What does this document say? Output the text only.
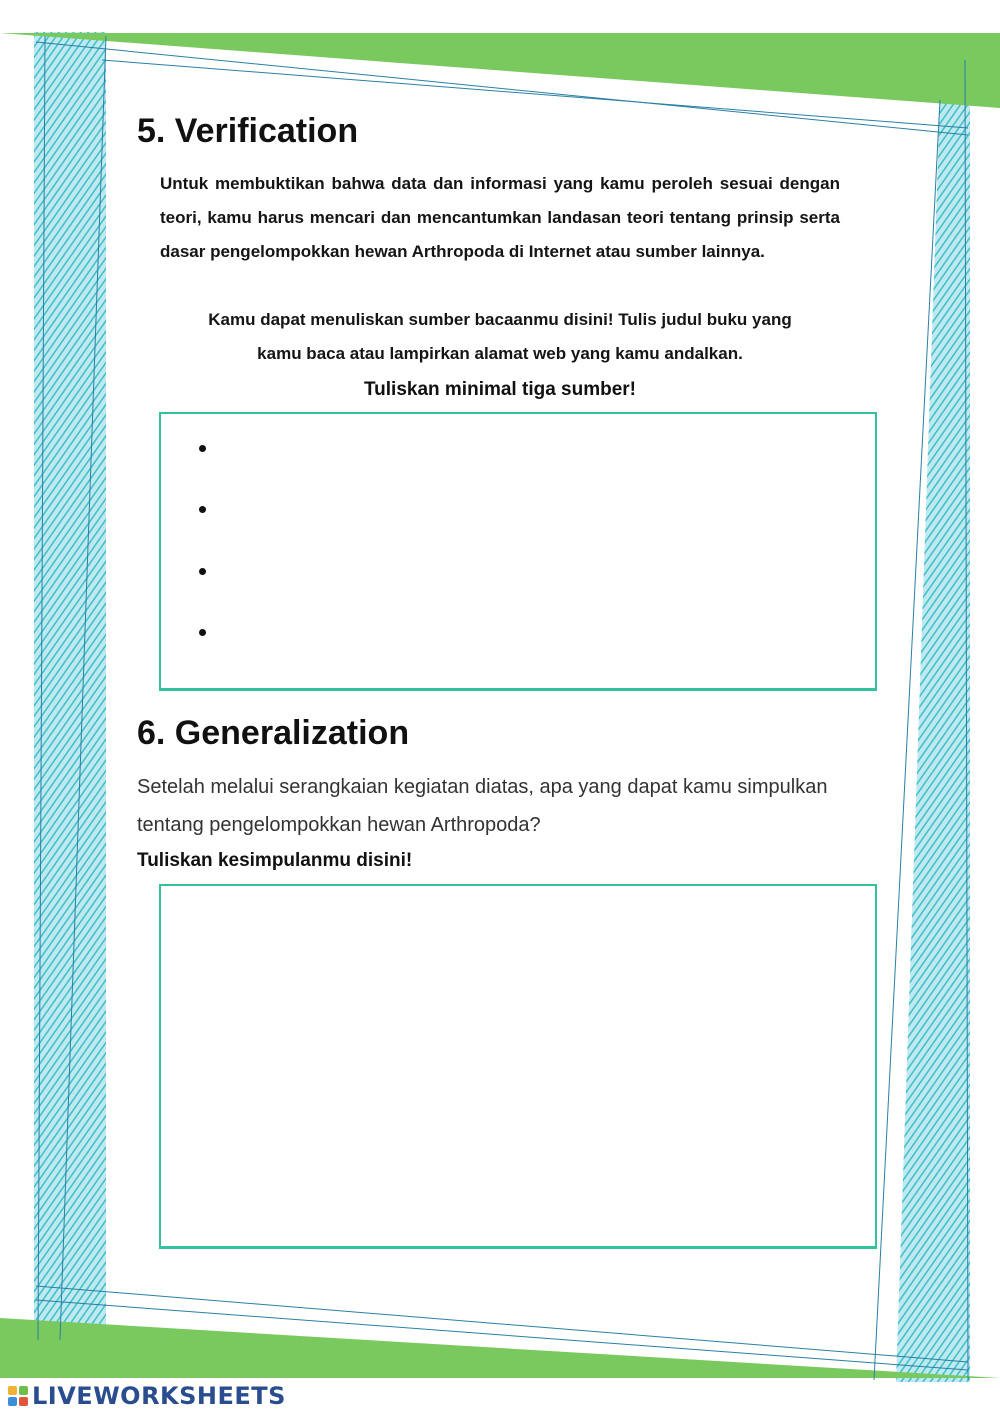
5. Verification

Untuk membuktikan bahwa data dan informasi yang kamu peroleh sesuai dengan teori, kamu harus mencari dan mencantumkan landasan teori tentang prinsip serta dasar pengelompokkan hewan Arthropoda di Internet atau sumber lainnya.

Kamu dapat menuliskan sumber bacaanmu disini! Tulis judul buku yang

kamu baca atau lampirkan alamat web yang kamu andalkan.

Tuliskan minimal tiga sumber!

6. Generalization

Setelah melalui serangkaian kegiatan diatas, apa yang dapat kamu simpulkan tentang pengelompokkan hewan Arthropoda?

Tuliskan kesimpulanmu disini!

LIVEWORKSHEETS
